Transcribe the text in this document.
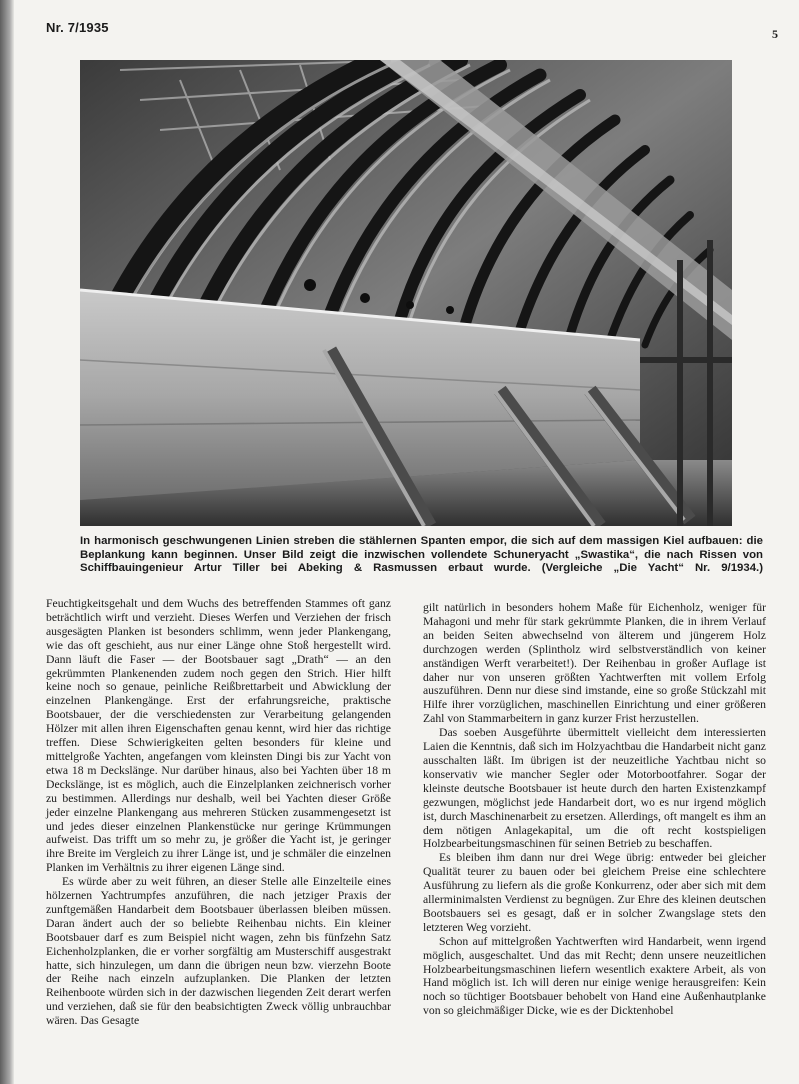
Nr. 7/1935	5
In harmonisch geschwungenen Linien streben die stählernen Spanten empor, die sich auf dem massigen Kiel aufbauen: die Beplankung kann beginnen. Unser Bild zeigt die inzwischen vollendete Schuneryacht „Swastika“, die nach Rissen von Schiffbauingenieur Artur Tiller bei Abeking & Rasmussen erbaut wurde. (Vergleiche „Die Yacht“ Nr. 9/1934.)

Feuchtigkeitsgehalt und dem Wuchs des betreffenden Stammes oft ganz beträchtlich wirft und verzieht. Dieses Werfen und Verziehen der frisch ausgesägten Planken ist besonders schlimm, wenn jeder Plankengang, wie das oft geschieht, aus nur einer Länge ohne Stoß hergestellt wird. Dann läuft die Faser — der Bootsbauer sagt „Drath“ — an den gekrümmten Plankenenden zudem noch gegen den Strich. Hier hilft keine noch so genaue, peinliche Reißbrettarbeit und Abwicklung der einzelnen Plankengänge. Erst der erfahrungsreiche, praktische Bootsbauer, der die verschiedensten zur Verarbeitung gelangenden Hölzer mit allen ihren Eigenschaften genau kennt, wird hier das richtige treffen. Diese Schwierigkeiten gelten besonders für kleine und mittelgroße Yachten, angefangen vom kleinsten Dingi bis zur Yacht von etwa 18 m Deckslänge. Nur darüber hinaus, also bei Yachten über 18 m Deckslänge, ist es möglich, auch die Einzelplanken zeichnerisch vorher zu bestimmen. Allerdings nur deshalb, weil bei Yachten dieser Größe jeder einzelne Plankengang aus mehreren Stücken zusammengesetzt ist und jedes dieser einzelnen Plankenstücke nur geringe Krümmungen aufweist. Das trifft um so mehr zu, je größer die Yacht ist, je geringer ihre Breite im Vergleich zu ihrer Länge ist, und je schmäler die einzelnen Planken im Verhältnis zu ihrer eigenen Länge sind.

Es würde aber zu weit führen, an dieser Stelle alle Einzelteile eines hölzernen Yachtrumpfes anzuführen, die nach jetziger Praxis der zunftgemäßen Handarbeit dem Bootsbauer überlassen bleiben müssen. Daran ändert auch der so beliebte Reihenbau nichts. Ein kleiner Bootsbauer darf es zum Beispiel nicht wagen, zehn bis fünfzehn Satz Eichenholzplanken, die er vorher sorgfältig am Musterschiff ausgestrakt hatte, sich hinzulegen, um dann die übrigen neun bzw. vierzehn Boote der Reihe nach einzeln aufzuplanken. Die Planken der letzten Reihenboote würden sich in der dazwischen liegenden Zeit derart werfen und verziehen, daß sie für den beabsichtigten Zweck völlig unbrauchbar wären. Das Gesagte

gilt natürlich in besonders hohem Maße für Eichenholz, weniger für Mahagoni und mehr für stark gekrümmte Planken, die in ihrem Verlauf an beiden Seiten abwechselnd von älterem und jüngerem Holz durchzogen werden (Splintholz wird selbstverständlich von keiner anständigen Werft verarbeitet!). Der Reihenbau in großer Auflage ist daher nur von unseren größten Yachtwerften mit vollem Erfolg auszuführen. Denn nur diese sind imstande, eine so große Stückzahl mit Hilfe ihrer vorzüglichen, maschinellen Einrichtung und einer größeren Zahl von Stammarbeitern in ganz kurzer Frist herzustellen.

Das soeben Ausgeführte übermittelt vielleicht dem interessierten Laien die Kenntnis, daß sich im Holzyachtbau die Handarbeit nicht ganz ausschalten läßt. Im übrigen ist der neuzeitliche Yachtbau nicht so konservativ wie mancher Segler oder Motorbootfahrer. Sogar der kleinste deutsche Bootsbauer ist heute durch den harten Existenzkampf gezwungen, möglichst jede Handarbeit dort, wo es nur irgend möglich ist, durch Maschinenarbeit zu ersetzen. Allerdings, oft mangelt es ihm an dem nötigen Anlagekapital, um die oft recht kostspieligen Holzbearbeitungsmaschinen für seinen Betrieb zu beschaffen.

Es bleiben ihm dann nur drei Wege übrig: entweder bei gleicher Qualität teurer zu bauen oder bei gleichem Preise eine schlechtere Ausführung zu liefern als die große Konkurrenz, oder aber sich mit dem allerminimalsten Verdienst zu begnügen. Zur Ehre des kleinen deutschen Bootsbauers sei es gesagt, daß er in solcher Zwangslage stets den letzteren Weg vorzieht.

Schon auf mittelgroßen Yachtwerften wird Handarbeit, wenn irgend möglich, ausgeschaltet. Und das mit Recht; denn unsere neuzeitlichen Holzbearbeitungsmaschinen liefern wesentlich exaktere Arbeit, als von Hand möglich ist. Ich will deren nur einige wenige herausgreifen: Kein noch so tüchtiger Bootsbauer behobelt von Hand eine Außenhautplanke von so gleichmäßiger Dicke, wie es der Dicktenhobel
